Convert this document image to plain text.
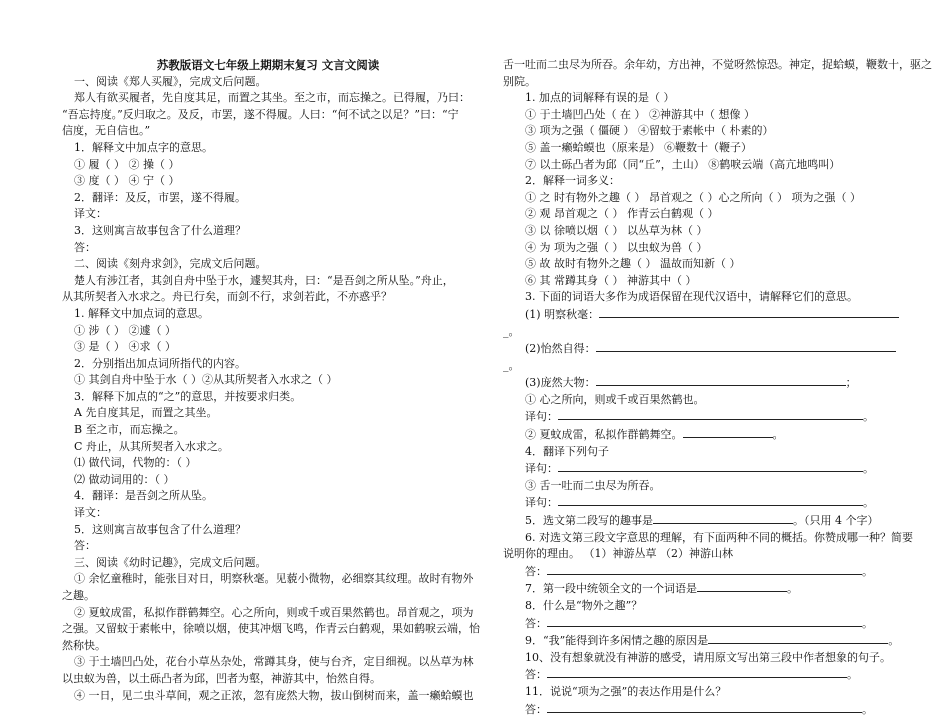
苏教版语文七年级上期期末复习 文言文阅读
一、阅读《郑人买履》，完成文后问题。
郑人有欲买履者，先自度其足，而置之其坐。至之市，而忘操之。已得履，乃曰：
“吾忘持度。”反归取之。及反，市罢，遂不得履。人曰：“何不试之以足？”曰：“宁
信度，无自信也。”
1．解释文中加点字的意思。
① 履（ ） ② 操（ ）
③ 度（ ） ④ 宁（ ）
2．翻译：及反，市罢，遂不得履。
译文：
3．这则寓言故事包含了什么道理？
答：
二、阅读《刻舟求剑》，完成文后问题。
楚人有涉江者，其剑自舟中坠于水，遽契其舟，曰：“是吾剑之所从坠。”舟止，
从其所契者入水求之。舟已行矣，而剑不行，求剑若此，不亦惑乎？
1. 解释文中加点词的意思。
① 涉（ ） ②遽（ ）
③ 是（ ） ④求（ ）
2．分别指出加点词所指代的内容。
① 其剑自舟中坠于水（ ）②从其所契者入水求之（ ）
3．解释下加点的“之”的意思，并按要求归类。
A 先自度其足，而置之其坐。
B 至之市，而忘操之。
C 舟止，从其所契者入水求之。
⑴ 做代词，代物的：（ ）
⑵ 做动词用的：（ ）
4．翻译：是吾剑之所从坠。
译文：
5．这则寓言故事包含了什么道理？
答：
三、阅读《幼时记趣》，完成文后问题。
① 余忆童稚时，能张目对日，明察秋毫。见藐小微物，必细察其纹理。故时有物外
之趣。
② 夏蚊成雷，私拟作群鹤舞空。心之所向，则或千或百果然鹤也。昂首观之，项为
之强。又留蚊于素帐中，徐喷以烟，使其冲烟飞鸣，作青云白鹤观，果如鹤唳云端，怡
然称快。
③ 于土墙凹凸处，花台小草丛杂处，常蹲其身，使与台齐，定目细视。以丛草为林
以虫蚁为兽，以土砾凸者为邱，凹者为壑，神游其中，怡然自得。
④ 一日，见二虫斗草间，观之正浓，忽有庞然大物，拔山倒树而来，盖一癞蛤蟆也
舌一吐而二虫尽为所吞。余年幼，方出神，不觉呀然惊恐。神定，捉蛤蟆，鞭数十，驱之
别院。
1. 加点的词解释有误的是（ ）
① 于土墙凹凸处（ 在 ） ②神游其中（ 想像 ）
③ 项为之强（ 僵硬 ） ④留蚊于素帐中（ 朴素的）
⑤ 盖一癞蛤蟆也（原来是） ⑥鞭数十（鞭子）
⑦ 以土砾凸者为邱（同“丘”，土山） ⑧鹤唳云端（高亢地鸣叫）
2．解释一词多义：
① 之 时有物外之趣（ ） 昂首观之（ ）心之所向（ ） 项为之强（ ）
② 观 昂首观之（ ） 作青云白鹤观（ ）
③ 以 徐喷以烟（ ） 以丛草为林（ ）
④ 为 项为之强（ ） 以虫蚁为兽（ ）
⑤ 故 故时有物外之趣（ ） 温故而知新（ ）
⑥ 其 常蹲其身（ ） 神游其中（ ）
3. 下面的词语大多作为成语保留在现代汉语中，请解释它们的意思。
(1) 明察秋毫：
_。
(2)怡然自得：
_。
(3)庞然大物：	；
① 心之所向，则或千或百果然鹤也。
译句：	。
② 夏蚊成雷，私拟作群鹤舞空。	。
4．翻译下列句子
译句：	。
③ 舌一吐而二虫尽为所吞。
译句：	。
5．选文第二段写的趣事是	。（只用 4 个字）
6. 对选文第三段文字意思的理解，有下面两种不同的概括。你赞成哪一种？简要
说明你的理由。 （1）神游丛草 （2）神游山林
答：	。
7．第一段中统领全文的一个词语是	。
8．什么是“物外之趣”？
答：	。
9．“我”能得到许多闲情之趣的原因是	。
10、没有想象就没有神游的感受，请用原文写出第三段中作者想象的句子。
答：	。
11．说说“项为之强”的表达作用是什么？
答：	。
